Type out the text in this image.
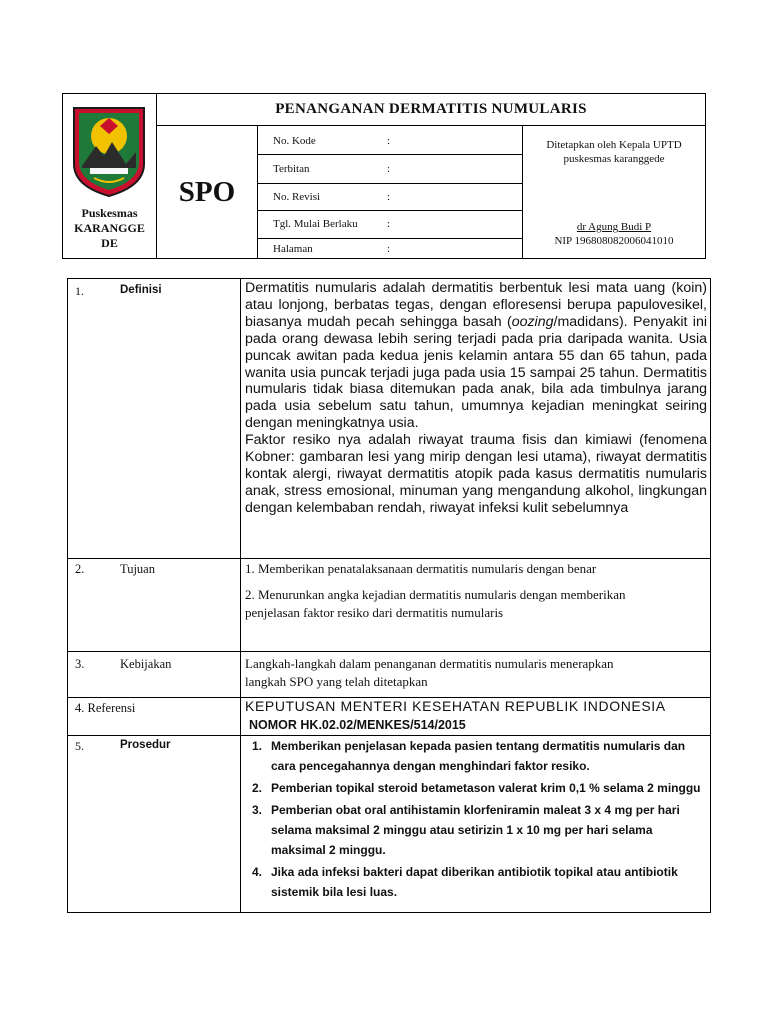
Puskesmas
KARANGGE
DE
PENANGANAN DERMATITIS NUMULARIS
SPO
No. Kode	:
Terbitan	:
No. Revisi	:
Tgl. Mulai Berlaku	:
Halaman	:
Ditetapkan oleh Kepala UPTD
puskesmas karanggede
dr Agung Budi P
NIP 196808082006041010
1.	Definisi	Dermatitis numularis adalah dermatitis berbentuk lesi mata uang (koin) atau lonjong, berbatas tegas, dengan efloresensi berupa papulovesikel, biasanya mudah pecah sehingga basah (oozing/madidans). Penyakit ini pada orang dewasa lebih sering terjadi pada pria daripada wanita. Usia puncak awitan pada kedua jenis kelamin antara 55 dan 65 tahun, pada wanita usia puncak terjadi juga pada usia 15 sampai 25 tahun. Dermatitis numularis tidak biasa ditemukan pada anak, bila ada timbulnya jarang pada usia sebelum satu tahun, umumnya kejadian meningkat seiring dengan meningkatnya usia.

Faktor resiko nya adalah riwayat trauma fisis dan kimiawi (fenomena Kobner: gambaran lesi yang mirip dengan lesi utama), riwayat dermatitis kontak alergi, riwayat dermatitis atopik pada kasus dermatitis numularis anak, stress emosional, minuman yang mengandung alkohol, lingkungan dengan kelembaban rendah, riwayat infeksi kulit sebelumnya

2.	Tujuan	1. Memberikan penatalaksanaan dermatitis numularis dengan benar
2. Menurunkan angka kejadian dermatitis numularis dengan memberikan
penjelasan faktor resiko dari dermatitis numularis
3.	Kebijakan	Langkah-langkah dalam penanganan dermatitis numularis menerapkan
langkah SPO yang telah ditetapkan
4. Referensi	KEPUTUSAN MENTERI KESEHATAN REPUBLIK INDONESIA
NOMOR HK.02.02/MENKES/514/2015
5.	Prosedur	1. Memberikan penjelasan kepada pasien tentang dermatitis numularis dan cara pencegahannya dengan menghindari faktor resiko.
2. Pemberian topikal steroid betametason valerat krim 0,1 % selama 2 minggu
3. Pemberian obat oral antihistamin klorfeniramin maleat 3 x 4 mg per hari selama maksimal 2 minggu atau setirizin 1 x 10 mg per hari selama maksimal 2 minggu.
4. Jika ada infeksi bakteri dapat diberikan antibiotik topikal atau antibiotik sistemik bila lesi luas.
